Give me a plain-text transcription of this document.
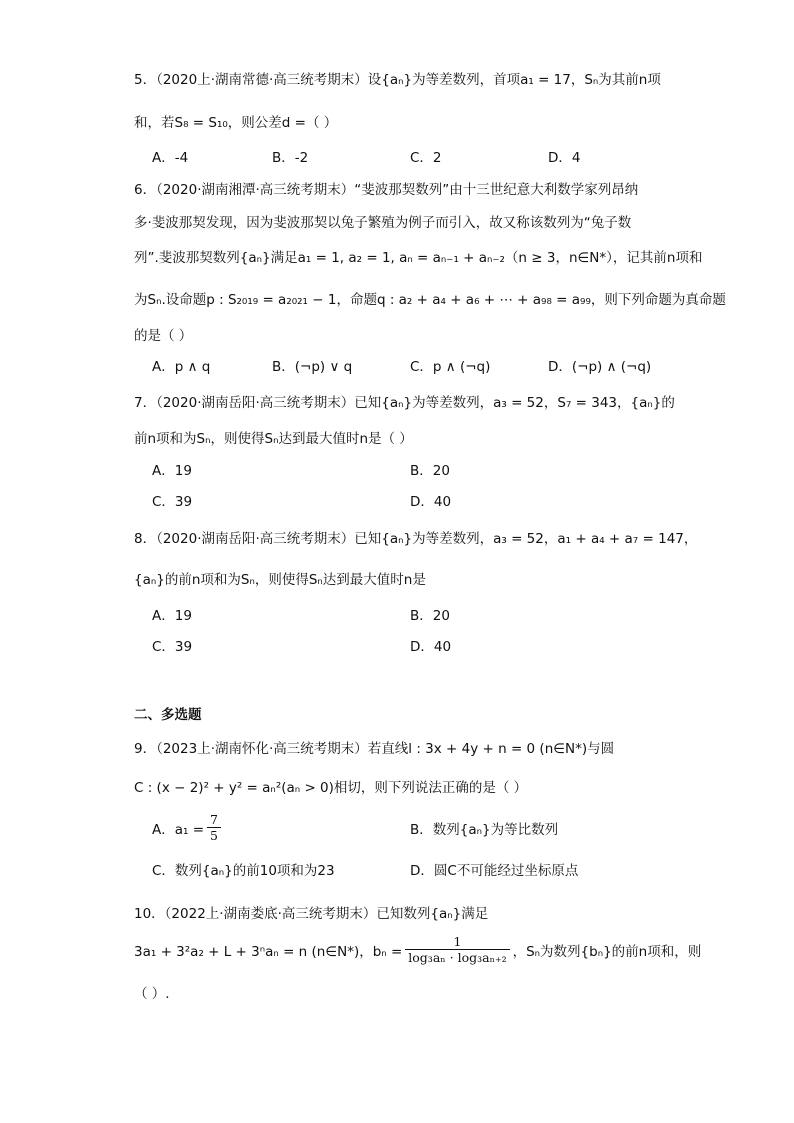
5．（2020上·湖南常德·高三统考期末）设{aₙ}为等差数列，首项a₁ = 17，Sₙ为其前n项
和，若S₈ = S₁₀，则公差d =（ ）
A．-4	B．-2	C．2	D．4
6．（2020·湖南湘潭·高三统考期末）“斐波那契数列”由十三世纪意大利数学家列昂纳
多·斐波那契发现，因为斐波那契以兔子繁殖为例子而引入，故又称该数列为“兔子数
列”.斐波那契数列{aₙ}满足a₁ = 1, a₂ = 1, aₙ = aₙ₋₁ + aₙ₋₂（n ≥ 3，n∈N*），记其前n项和
为Sₙ.设命题p : S₂₀₁₉ = a₂₀₂₁ − 1，命题q : a₂ + a₄ + a₆ + ⋯ + a₉₈ = a₉₉，则下列命题为真命题
的是（ ）
A．p ∧ q	B．(¬p) ∨ q	C．p ∧ (¬q)	D．(¬p) ∧ (¬q)
7．（2020·湖南岳阳·高三统考期末）已知{aₙ}为等差数列，a₃ = 52，S₇ = 343，{aₙ}的
前n项和为Sₙ，则使得Sₙ达到最大值时n是（ ）
A．19	B．20
C．39	D．40
8．（2020·湖南岳阳·高三统考期末）已知{aₙ}为等差数列，a₃ = 52，a₁ + a₄ + a₇ = 147，
{aₙ}的前n项和为Sₙ，则使得Sₙ达到最大值时n是
A．19	B．20
C．39	D．40
二、多选题
9．（2023上·湖南怀化·高三统考期末）若直线l : 3x + 4y + n = 0 (n∈N*)与圆
C : (x − 2)² + y² = aₙ²(aₙ > 0)相切，则下列说法正确的是（ ）
A．$a_1 = \frac{7}{5}$	B．数列{aₙ}为等比数列
C．数列{aₙ}的前10项和为23	D．圆C不可能经过坐标原点
10．（2022上·湖南娄底·高三统考期末）已知数列{aₙ}满足
3a₁ + 3²a₂ + L + 3ⁿaₙ = n (n∈N*)，$b_n = \frac{1}{\text{log₃aₙ · log₃aₙ₊₂}}$ ，Sₙ为数列{bₙ}的前n项和，则
（ ）.
